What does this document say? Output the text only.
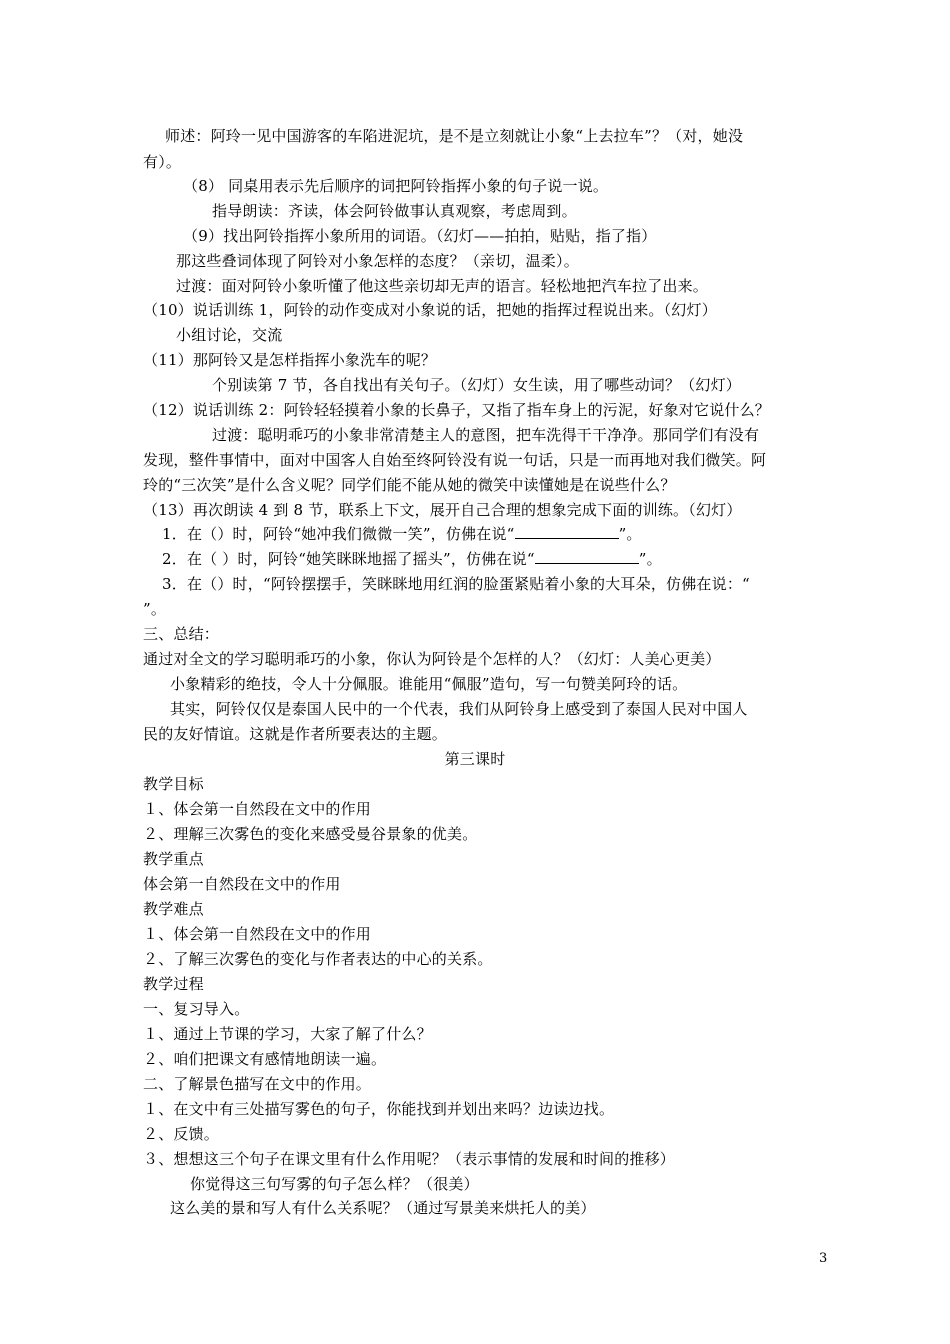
师述：阿玲一见中国游客的车陷进泥坑，是不是立刻就让小象“上去拉车”？（对，她没
有）。
（8） 同桌用表示先后顺序的词把阿铃指挥小象的句子说一说。
指导朗读：齐读，体会阿铃做事认真观察，考虑周到。
（9）找出阿铃指挥小象所用的词语。（幻灯——拍拍，贴贴，指了指）
那这些叠词体现了阿铃对小象怎样的态度？（亲切，温柔）。
过渡：面对阿铃小象听懂了他这些亲切却无声的语言。轻松地把汽车拉了出来。
（10）说话训练 1，阿铃的动作变成对小象说的话，把她的指挥过程说出来。（幻灯）
小组讨论，交流
（11）那阿铃又是怎样指挥小象洗车的呢？
个别读第 7 节，各自找出有关句子。（幻灯）女生读，用了哪些动词？（幻灯）
（12）说话训练 2：阿铃轻轻摸着小象的长鼻子，又指了指车身上的污泥，好象对它说什么？
过渡：聪明乖巧的小象非常清楚主人的意图，把车洗得干干净净。那同学们有没有
发现，整件事情中，面对中国客人自始至终阿铃没有说一句话，只是一而再地对我们微笑。阿
玲的“三次笑”是什么含义呢？同学们能不能从她的微笑中读懂她是在说些什么？
（13）再次朗读 4 到 8 节，联系上下文，展开自己合理的想象完成下面的训练。（幻灯）
1．在（）时，阿铃“她冲我们微微一笑”，仿佛在说“	”。
2．在（ ）时，阿铃“她笑眯眯地摇了摇头”，仿佛在说“	”。
3．在（）时，“阿铃摆摆手，笑眯眯地用红润的脸蛋紧贴着小象的大耳朵，仿佛在说：“
”。
三、总结：
通过对全文的学习聪明乖巧的小象，你认为阿铃是个怎样的人？（幻灯：人美心更美）
小象精彩的绝技，令人十分佩服。谁能用“佩服”造句，写一句赞美阿玲的话。
其实，阿铃仅仅是泰国人民中的一个代表，我们从阿铃身上感受到了泰国人民对中国人
民的友好情谊。这就是作者所要表达的主题。
第三课时
教学目标
１、体会第一自然段在文中的作用
２、理解三次雾色的变化来感受曼谷景象的优美。
教学重点
体会第一自然段在文中的作用
教学难点
１、体会第一自然段在文中的作用
２、了解三次雾色的变化与作者表达的中心的关系。
教学过程
一、复习导入。
１、通过上节课的学习，大家了解了什么？
２、咱们把课文有感情地朗读一遍。
二、了解景色描写在文中的作用。
１、在文中有三处描写雾色的句子，你能找到并划出来吗？边读边找。
２、反馈。
３、想想这三个句子在课文里有什么作用呢？（表示事情的发展和时间的推移）
你觉得这三句写雾的句子怎么样？（很美）
这么美的景和写人有什么关系呢？（通过写景美来烘托人的美）
3
